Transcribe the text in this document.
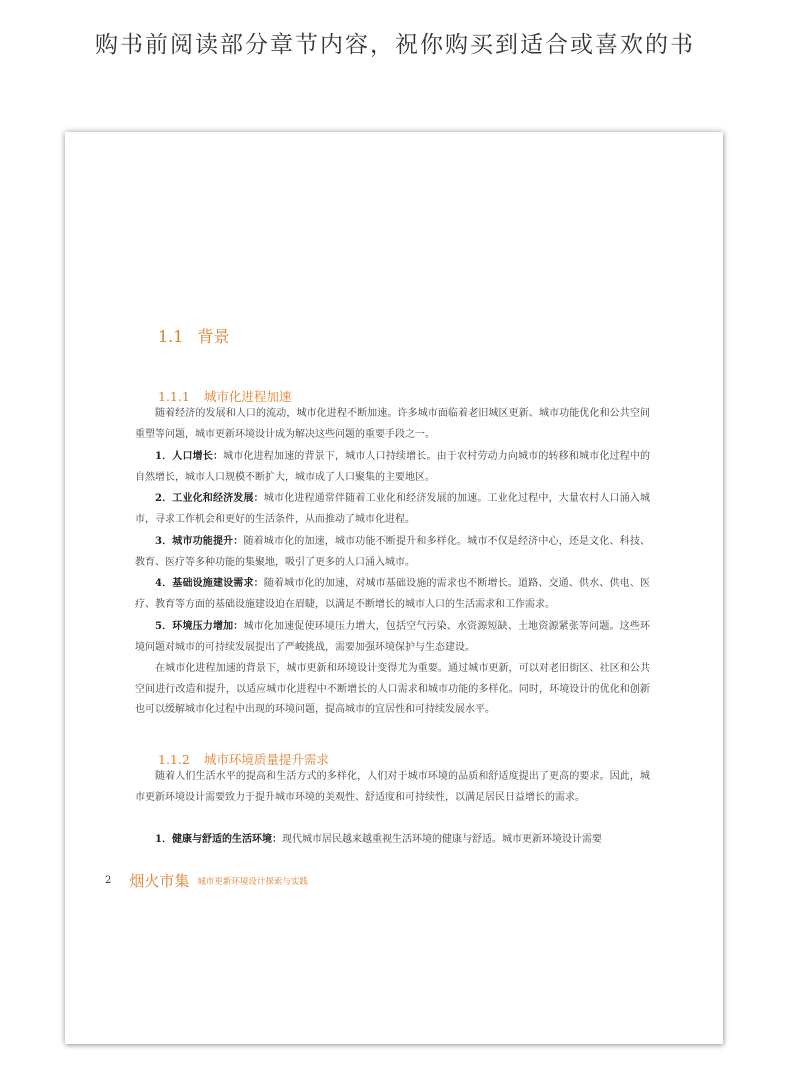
购书前阅读部分章节内容，祝你购买到适合或喜欢的书
1.1 背景
1.1.1 城市化进程加速

随着经济的发展和人口的流动，城市化进程不断加速。许多城市面临着老旧城区更新、城市功能优化和公共空间重塑等问题，城市更新环境设计成为解决这些问题的重要手段之一。

1．人口增长：城市化进程加速的背景下，城市人口持续增长。由于农村劳动力向城市的转移和城市化过程中的自然增长，城市人口规模不断扩大，城市成了人口聚集的主要地区。

2．工业化和经济发展：城市化进程通常伴随着工业化和经济发展的加速。工业化过程中，大量农村人口涌入城市，寻求工作机会和更好的生活条件，从而推动了城市化进程。

3．城市功能提升：随着城市化的加速，城市功能不断提升和多样化。城市不仅是经济中心，还是文化、科技、教育、医疗等多种功能的集聚地，吸引了更多的人口涌入城市。

4．基础设施建设需求：随着城市化的加速，对城市基础设施的需求也不断增长。道路、交通、供水、供电、医疗、教育等方面的基础设施建设迫在眉睫，以满足不断增长的城市人口的生活需求和工作需求。

5．环境压力增加：城市化加速促使环境压力增大，包括空气污染、水资源短缺、土地资源紧张等问题。这些环境问题对城市的可持续发展提出了严峻挑战，需要加强环境保护与生态建设。

在城市化进程加速的背景下，城市更新和环境设计变得尤为重要。通过城市更新，可以对老旧街区、社区和公共空间进行改造和提升，以适应城市化进程中不断增长的人口需求和城市功能的多样化。同时，环境设计的优化和创新也可以缓解城市化过程中出现的环境问题，提高城市的宜居性和可持续发展水平。

1.1.2 城市环境质量提升需求

随着人们生活水平的提高和生活方式的多样化，人们对于城市环境的品质和舒适度提出了更高的要求。因此，城市更新环境设计需要致力于提升城市环境的美观性、舒适度和可持续性，以满足居民日益增长的需求。

1．健康与舒适的生活环境：现代城市居民越来越重视生活环境的健康与舒适。城市更新环境设计需要

2 烟火市集 城市更新环境设计探索与实践
